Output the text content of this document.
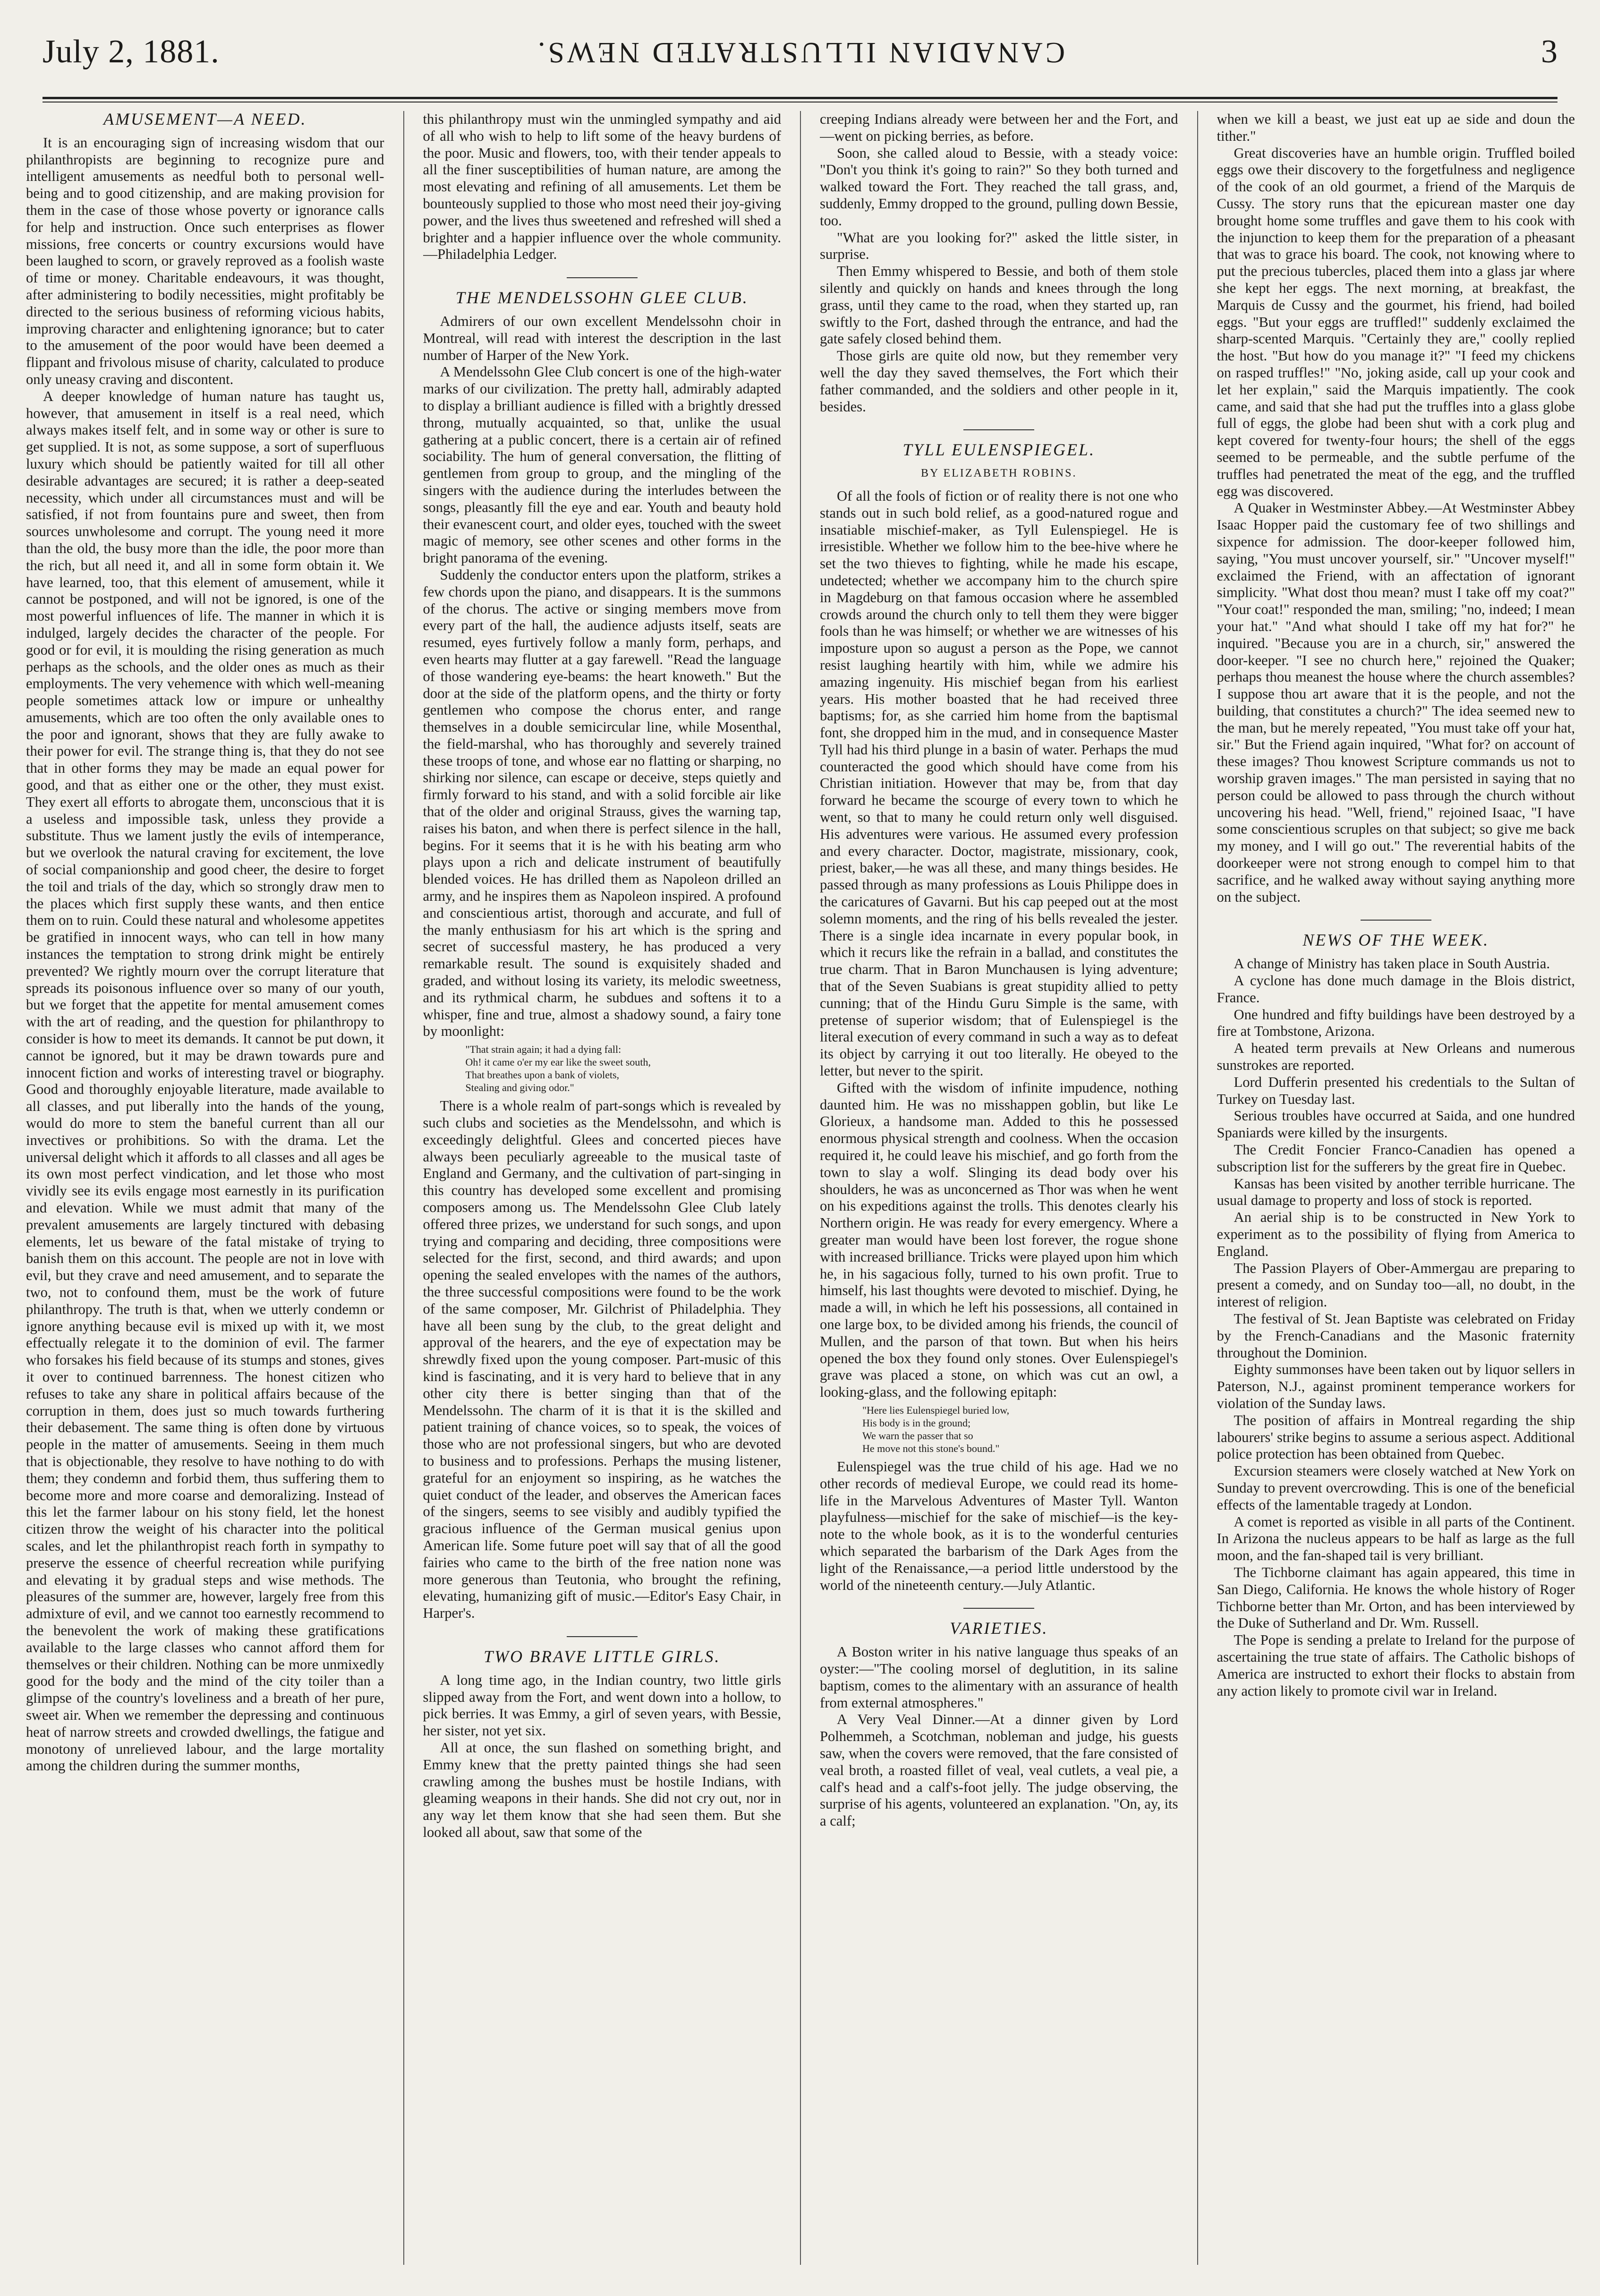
July 2, 1881.	CANADIAN ILLUSTRATED NEWS.	3
AMUSEMENT—A NEED.

It is an encouraging sign of increasing wisdom that our philanthropists are beginning to recognize pure and intelligent amusements as needful both to personal well-being and to good citizenship, and are making provision for them in the case of those whose poverty or ignorance calls for help and instruction. Once such enterprises as flower missions, free concerts or country excursions would have been laughed to scorn, or gravely reproved as a foolish waste of time or money. Charitable endeavours, it was thought, after administering to bodily necessities, might profitably be directed to the serious business of reforming vicious habits, improving character and enlightening ignorance; but to cater to the amusement of the poor would have been deemed a flippant and frivolous misuse of charity, calculated to produce only uneasy craving and discontent.

A deeper knowledge of human nature has taught us, however, that amusement in itself is a real need, which always makes itself felt, and in some way or other is sure to get supplied. It is not, as some suppose, a sort of superfluous luxury which should be patiently waited for till all other desirable advantages are secured; it is rather a deep-seated necessity, which under all circumstances must and will be satisfied, if not from fountains pure and sweet, then from sources unwholesome and corrupt. The young need it more than the old, the busy more than the idle, the poor more than the rich, but all need it, and all in some form obtain it. We have learned, too, that this element of amusement, while it cannot be postponed, and will not be ignored, is one of the most powerful influences of life. The manner in which it is indulged, largely decides the character of the people. For good or for evil, it is moulding the rising generation as much perhaps as the schools, and the older ones as much as their employments. The very vehemence with which well-meaning people sometimes attack low or impure or unhealthy amusements, which are too often the only available ones to the poor and ignorant, shows that they are fully awake to their power for evil. The strange thing is, that they do not see that in other forms they may be made an equal power for good, and that as either one or the other, they must exist. They exert all efforts to abrogate them, unconscious that it is a useless and impossible task, unless they provide a substitute. Thus we lament justly the evils of intemperance, but we overlook the natural craving for excitement, the love of social companionship and good cheer, the desire to forget the toil and trials of the day, which so strongly draw men to the places which first supply these wants, and then entice them on to ruin. Could these natural and wholesome appetites be gratified in innocent ways, who can tell in how many instances the temptation to strong drink might be entirely prevented? We rightly mourn over the corrupt literature that spreads its poisonous influence over so many of our youth, but we forget that the appetite for mental amusement comes with the art of reading, and the question for philanthropy to consider is how to meet its demands. It cannot be put down, it cannot be ignored, but it may be drawn towards pure and innocent fiction and works of interesting travel or biography. Good and thoroughly enjoyable literature, made available to all classes, and put liberally into the hands of the young, would do more to stem the baneful current than all our invectives or prohibitions. So with the drama. Let the universal delight which it affords to all classes and all ages be its own most perfect vindication, and let those who most vividly see its evils engage most earnestly in its purification and elevation. While we must admit that many of the prevalent amusements are largely tinctured with debasing elements, let us beware of the fatal mistake of trying to banish them on this account. The people are not in love with evil, but they crave and need amusement, and to separate the two, not to confound them, must be the work of future philanthropy. The truth is that, when we utterly condemn or ignore anything because evil is mixed up with it, we most effectually relegate it to the dominion of evil. The farmer who forsakes his field because of its stumps and stones, gives it over to continued barrenness. The honest citizen who refuses to take any share in political affairs because of the corruption in them, does just so much towards furthering their debasement. The same thing is often done by virtuous people in the matter of amusements. Seeing in them much that is objectionable, they resolve to have nothing to do with them; they condemn and forbid them, thus suffering them to become more and more coarse and demoralizing. Instead of this let the farmer labour on his stony field, let the honest citizen throw the weight of his character into the political scales, and let the philanthropist reach forth in sympathy to preserve the essence of cheerful recreation while purifying and elevating it by gradual steps and wise methods. The pleasures of the summer are, however, largely free from this admixture of evil, and we cannot too earnestly recommend to the benevolent the work of making these gratifications available to the large classes who cannot afford them for themselves or their children. Nothing can be more unmixedly good for the body and the mind of the city toiler than a glimpse of the country's loveliness and a breath of her pure, sweet air. When we remember the depressing and continuous heat of narrow streets and crowded dwellings, the fatigue and monotony of unrelieved labour, and the large mortality among the children during the summer months,

this philanthropy must win the unmingled sympathy and aid of all who wish to help to lift some of the heavy burdens of the poor. Music and flowers, too, with their tender appeals to all the finer susceptibilities of human nature, are among the most elevating and refining of all amusements. Let them be bounteously supplied to those who most need their joy-giving power, and the lives thus sweetened and refreshed will shed a brighter and a happier influence over the whole community.—Philadelphia Ledger.

THE MENDELSSOHN GLEE CLUB.

Admirers of our own excellent Mendelssohn choir in Montreal, will read with interest the description in the last number of Harper of the New York.

A Mendelssohn Glee Club concert is one of the high-water marks of our civilization. The pretty hall, admirably adapted to display a brilliant audience is filled with a brightly dressed throng, mutually acquainted, so that, unlike the usual gathering at a public concert, there is a certain air of refined sociability. The hum of general conversation, the flitting of gentlemen from group to group, and the mingling of the singers with the audience during the interludes between the songs, pleasantly fill the eye and ear. Youth and beauty hold their evanescent court, and older eyes, touched with the sweet magic of memory, see other scenes and other forms in the bright panorama of the evening.

Suddenly the conductor enters upon the platform, strikes a few chords upon the piano, and disappears. It is the summons of the chorus. The active or singing members move from every part of the hall, the audience adjusts itself, seats are resumed, eyes furtively follow a manly form, perhaps, and even hearts may flutter at a gay farewell. "Read the language of those wandering eye-beams: the heart knoweth." But the door at the side of the platform opens, and the thirty or forty gentlemen who compose the chorus enter, and range themselves in a double semicircular line, while Mosenthal, the field-marshal, who has thoroughly and severely trained these troops of tone, and whose ear no flatting or sharping, no shirking nor silence, can escape or deceive, steps quietly and firmly forward to his stand, and with a solid forcible air like that of the older and original Strauss, gives the warning tap, raises his baton, and when there is perfect silence in the hall, begins. For it seems that it is he with his beating arm who plays upon a rich and delicate instrument of beautifully blended voices. He has drilled them as Napoleon drilled an army, and he inspires them as Napoleon inspired. A profound and conscientious artist, thorough and accurate, and full of the manly enthusiasm for his art which is the spring and secret of successful mastery, he has produced a very remarkable result. The sound is exquisitely shaded and graded, and without losing its variety, its melodic sweetness, and its rythmical charm, he subdues and softens it to a whisper, fine and true, almost a shadowy sound, a fairy tone by moonlight:

"That strain again; it had a dying fall:
Oh! it came o'er my ear like the sweet south,
That breathes upon a bank of violets,
Stealing and giving odor."

There is a whole realm of part-songs which is revealed by such clubs and societies as the Mendelssohn, and which is exceedingly delightful. Glees and concerted pieces have always been peculiarly agreeable to the musical taste of England and Germany, and the cultivation of part-singing in this country has developed some excellent and promising composers among us. The Mendelssohn Glee Club lately offered three prizes, we understand for such songs, and upon trying and comparing and deciding, three compositions were selected for the first, second, and third awards; and upon opening the sealed envelopes with the names of the authors, the three successful compositions were found to be the work of the same composer, Mr. Gilchrist of Philadelphia. They have all been sung by the club, to the great delight and approval of the hearers, and the eye of expectation may be shrewdly fixed upon the young composer. Part-music of this kind is fascinating, and it is very hard to believe that in any other city there is better singing than that of the Mendelssohn. The charm of it is that it is the skilled and patient training of chance voices, so to speak, the voices of those who are not professional singers, but who are devoted to business and to professions. Perhaps the musing listener, grateful for an enjoyment so inspiring, as he watches the quiet conduct of the leader, and observes the American faces of the singers, seems to see visibly and audibly typified the gracious influence of the German musical genius upon American life. Some future poet will say that of all the good fairies who came to the birth of the free nation none was more generous than Teutonia, who brought the refining, elevating, humanizing gift of music.—Editor's Easy Chair, in Harper's.

TWO BRAVE LITTLE GIRLS.

A long time ago, in the Indian country, two little girls slipped away from the Fort, and went down into a hollow, to pick berries. It was Emmy, a girl of seven years, with Bessie, her sister, not yet six.

All at once, the sun flashed on something bright, and Emmy knew that the pretty painted things she had seen crawling among the bushes must be hostile Indians, with gleaming weapons in their hands. She did not cry out, nor in any way let them know that she had seen them. But she looked all about, saw that some of the

creeping Indians already were between her and the Fort, and—went on picking berries, as before.

Soon, she called aloud to Bessie, with a steady voice: "Don't you think it's going to rain?" So they both turned and walked toward the Fort. They reached the tall grass, and, suddenly, Emmy dropped to the ground, pulling down Bessie, too.

"What are you looking for?" asked the little sister, in surprise.

Then Emmy whispered to Bessie, and both of them stole silently and quickly on hands and knees through the long grass, until they came to the road, when they started up, ran swiftly to the Fort, dashed through the entrance, and had the gate safely closed behind them.

Those girls are quite old now, but they remember very well the day they saved themselves, the Fort which their father commanded, and the soldiers and other people in it, besides.

TYLL EULENSPIEGEL.
BY ELIZABETH ROBINS.

Of all the fools of fiction or of reality there is not one who stands out in such bold relief, as a good-natured rogue and insatiable mischief-maker, as Tyll Eulenspiegel. He is irresistible. Whether we follow him to the bee-hive where he set the two thieves to fighting, while he made his escape, undetected; whether we accompany him to the church spire in Magdeburg on that famous occasion where he assembled crowds around the church only to tell them they were bigger fools than he was himself; or whether we are witnesses of his imposture upon so august a person as the Pope, we cannot resist laughing heartily with him, while we admire his amazing ingenuity. His mischief began from his earliest years. His mother boasted that he had received three baptisms; for, as she carried him home from the baptismal font, she dropped him in the mud, and in consequence Master Tyll had his third plunge in a basin of water. Perhaps the mud counteracted the good which should have come from his Christian initiation. However that may be, from that day forward he became the scourge of every town to which he went, so that to many he could return only well disguised. His adventures were various. He assumed every profession and every character. Doctor, magistrate, missionary, cook, priest, baker,—he was all these, and many things besides. He passed through as many professions as Louis Philippe does in the caricatures of Gavarni. But his cap peeped out at the most solemn moments, and the ring of his bells revealed the jester. There is a single idea incarnate in every popular book, in which it recurs like the refrain in a ballad, and constitutes the true charm. That in Baron Munchausen is lying adventure; that of the Seven Suabians is great stupidity allied to petty cunning; that of the Hindu Guru Simple is the same, with pretense of superior wisdom; that of Eulenspiegel is the literal execution of every command in such a way as to defeat its object by carrying it out too literally. He obeyed to the letter, but never to the spirit.

Gifted with the wisdom of infinite impudence, nothing daunted him. He was no misshappen goblin, but like Le Glorieux, a handsome man. Added to this he possessed enormous physical strength and coolness. When the occasion required it, he could leave his mischief, and go forth from the town to slay a wolf. Slinging its dead body over his shoulders, he was as unconcerned as Thor was when he went on his expeditions against the trolls. This denotes clearly his Northern origin. He was ready for every emergency. Where a greater man would have been lost forever, the rogue shone with increased brilliance. Tricks were played upon him which he, in his sagacious folly, turned to his own profit. True to himself, his last thoughts were devoted to mischief. Dying, he made a will, in which he left his possessions, all contained in one large box, to be divided among his friends, the council of Mullen, and the parson of that town. But when his heirs opened the box they found only stones. Over Eulenspiegel's grave was placed a stone, on which was cut an owl, a looking-glass, and the following epitaph:

"Here lies Eulenspiegel buried low,
His body is in the ground;
We warn the passer that so
He move not this stone's bound."

Eulenspiegel was the true child of his age. Had we no other records of medieval Europe, we could read its home-life in the Marvelous Adventures of Master Tyll. Wanton playfulness—mischief for the sake of mischief—is the key-note to the whole book, as it is to the wonderful centuries which separated the barbarism of the Dark Ages from the light of the Renaissance,—a period little understood by the world of the nineteenth century.—July Atlantic.

VARIETIES.

A Boston writer in his native language thus speaks of an oyster:—"The cooling morsel of deglutition, in its saline baptism, comes to the alimentary with an assurance of health from external atmospheres."

A Very Veal Dinner.—At a dinner given by Lord Polhemmeh, a Scotchman, nobleman and judge, his guests saw, when the covers were removed, that the fare consisted of veal broth, a roasted fillet of veal, veal cutlets, a veal pie, a calf's head and a calf's-foot jelly. The judge observing, the surprise of his agents, volunteered an explanation. "On, ay, its a calf;

when we kill a beast, we just eat up ae side and doun the tither."

Great discoveries have an humble origin. Truffled boiled eggs owe their discovery to the forgetfulness and negligence of the cook of an old gourmet, a friend of the Marquis de Cussy. The story runs that the epicurean master one day brought home some truffles and gave them to his cook with the injunction to keep them for the preparation of a pheasant that was to grace his board. The cook, not knowing where to put the precious tubercles, placed them into a glass jar where she kept her eggs. The next morning, at breakfast, the Marquis de Cussy and the gourmet, his friend, had boiled eggs. "But your eggs are truffled!" suddenly exclaimed the sharp-scented Marquis. "Certainly they are," coolly replied the host. "But how do you manage it?" "I feed my chickens on rasped truffles!" "No, joking aside, call up your cook and let her explain," said the Marquis impatiently. The cook came, and said that she had put the truffles into a glass globe full of eggs, the globe had been shut with a cork plug and kept covered for twenty-four hours; the shell of the eggs seemed to be permeable, and the subtle perfume of the truffles had penetrated the meat of the egg, and the truffled egg was discovered.

A Quaker in Westminster Abbey.—At Westminster Abbey Isaac Hopper paid the customary fee of two shillings and sixpence for admission. The door-keeper followed him, saying, "You must uncover yourself, sir." "Uncover myself!" exclaimed the Friend, with an affectation of ignorant simplicity. "What dost thou mean? must I take off my coat?" "Your coat!" responded the man, smiling; "no, indeed; I mean your hat." "And what should I take off my hat for?" he inquired. "Because you are in a church, sir," answered the door-keeper. "I see no church here," rejoined the Quaker; perhaps thou meanest the house where the church assembles? I suppose thou art aware that it is the people, and not the building, that constitutes a church?" The idea seemed new to the man, but he merely repeated, "You must take off your hat, sir." But the Friend again inquired, "What for? on account of these images? Thou knowest Scripture commands us not to worship graven images." The man persisted in saying that no person could be allowed to pass through the church without uncovering his head. "Well, friend," rejoined Isaac, "I have some conscientious scruples on that subject; so give me back my money, and I will go out." The reverential habits of the doorkeeper were not strong enough to compel him to that sacrifice, and he walked away without saying anything more on the subject.

NEWS OF THE WEEK.

A change of Ministry has taken place in South Austria.

A cyclone has done much damage in the Blois district, France.

One hundred and fifty buildings have been destroyed by a fire at Tombstone, Arizona.

A heated term prevails at New Orleans and numerous sunstrokes are reported.

Lord Dufferin presented his credentials to the Sultan of Turkey on Tuesday last.

Serious troubles have occurred at Saida, and one hundred Spaniards were killed by the insurgents.

The Credit Foncier Franco-Canadien has opened a subscription list for the sufferers by the great fire in Quebec.

Kansas has been visited by another terrible hurricane. The usual damage to property and loss of stock is reported.

An aerial ship is to be constructed in New York to experiment as to the possibility of flying from America to England.

The Passion Players of Ober-Ammergau are preparing to present a comedy, and on Sunday too—all, no doubt, in the interest of religion.

The festival of St. Jean Baptiste was celebrated on Friday by the French-Canadians and the Masonic fraternity throughout the Dominion.

Eighty summonses have been taken out by liquor sellers in Paterson, N.J., against prominent temperance workers for violation of the Sunday laws.

The position of affairs in Montreal regarding the ship labourers' strike begins to assume a serious aspect. Additional police protection has been obtained from Quebec.

Excursion steamers were closely watched at New York on Sunday to prevent overcrowding. This is one of the beneficial effects of the lamentable tragedy at London.

A comet is reported as visible in all parts of the Continent. In Arizona the nucleus appears to be half as large as the full moon, and the fan-shaped tail is very brilliant.

The Tichborne claimant has again appeared, this time in San Diego, California. He knows the whole history of Roger Tichborne better than Mr. Orton, and has been interviewed by the Duke of Sutherland and Dr. Wm. Russell.

The Pope is sending a prelate to Ireland for the purpose of ascertaining the true state of affairs. The Catholic bishops of America are instructed to exhort their flocks to abstain from any action likely to promote civil war in Ireland.
